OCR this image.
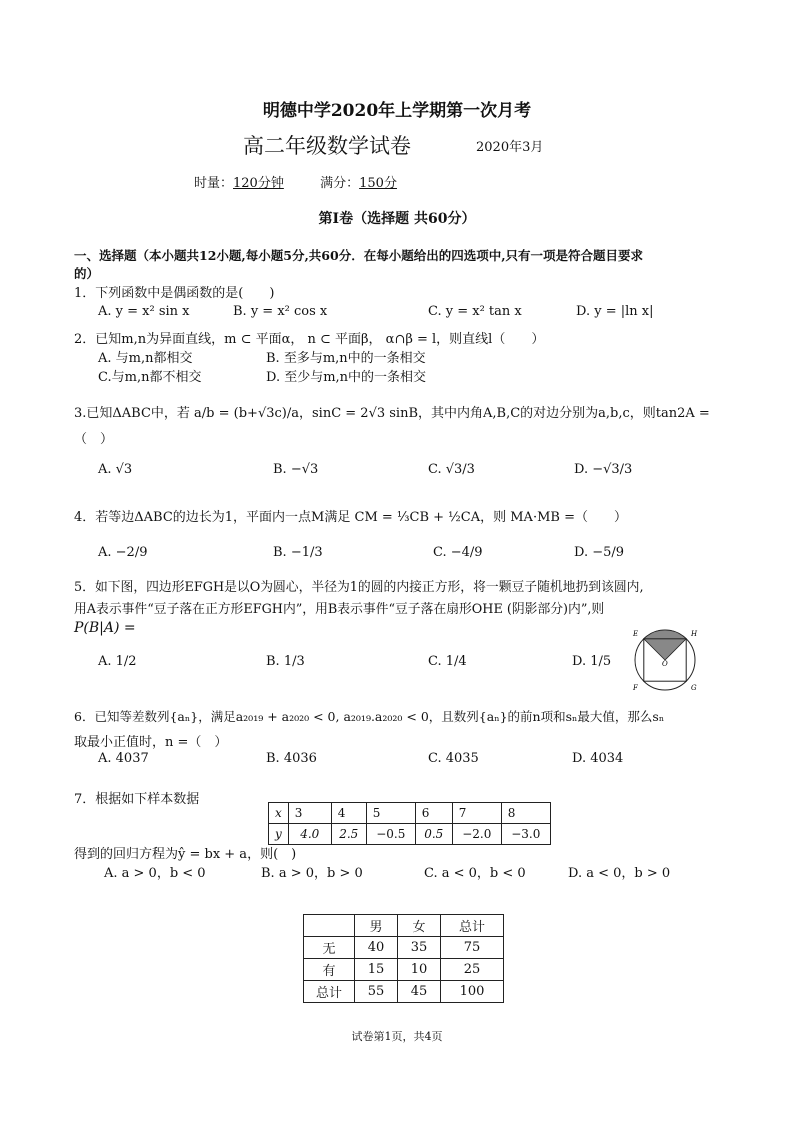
明德中学2020年上学期第一次月考
高二年级数学试卷	2020年3月
时量：120分钟	满分：150分
第I卷（选择题 共60分）
一、选择题（本小题共12小题,每小题5分,共60分．在每小题给出的四选项中,只有一项是符合题目要求
的）
1．下列函数中是偶函数的是(　　)
A. y = x² sin x	B. y = x² cos x	C. y = x² tan x	D. y = |ln x|
2．已知m,n为异面直线，m ⊂ 平面α， n ⊂ 平面β， α∩β = l，则直线l（　　）
A. 与m,n都相交	B. 至多与m,n中的一条相交
C.与m,n都不相交	D. 至少与m,n中的一条相交
3.已知ΔABC中，若 a/b = (b+√3c)/a，sinC = 2√3 sinB，其中内角A,B,C的对边分别为a,b,c，则tan2A =
（　）
A. √3	B. −√3	C. √3/3	D. −√3/3
4．若等边ΔABC的边长为1，平面内一点M满足 CM = ⅓CB + ½CA，则 MA·MB =（　　）
A. −2/9	B. −1/3	C. −4/9	D. −5/9
5．如下图，四边形EFGH是以O为圆心，半径为1的圆的内接正方形，将一颗豆子随机地扔到该圆内,
用A表示事件“豆子落在正方形EFGH内”，用B表示事件“豆子落在扇形OHE (阴影部分)内”,则
P(B|A) =
A. 1/2	B. 1/3	C. 1/4	D. 1/5
E	H
O
F	G
6．已知等差数列{aₙ}，满足a₂₀₁₉ + a₂₀₂₀ < 0, a₂₀₁₉.a₂₀₂₀ < 0，且数列{aₙ}的前n项和sₙ最大值，那么sₙ
取最小正值时，n =（　）
A. 4037	B. 4036	C. 4035	D. 4034
7．根据如下样本数据
x	3	4	5	6	7	8
y	4.0	2.5	−0.5	0.5	−2.0	−3.0
得到的回归方程为ŷ = bx + a，则(　)
A. a > 0，b < 0	B. a > 0，b > 0	C. a < 0，b < 0	D. a < 0，b > 0
	男	女	总计
无	40	35	75
有	15	10	25
总计	55	45	100
试卷第1页，共4页
